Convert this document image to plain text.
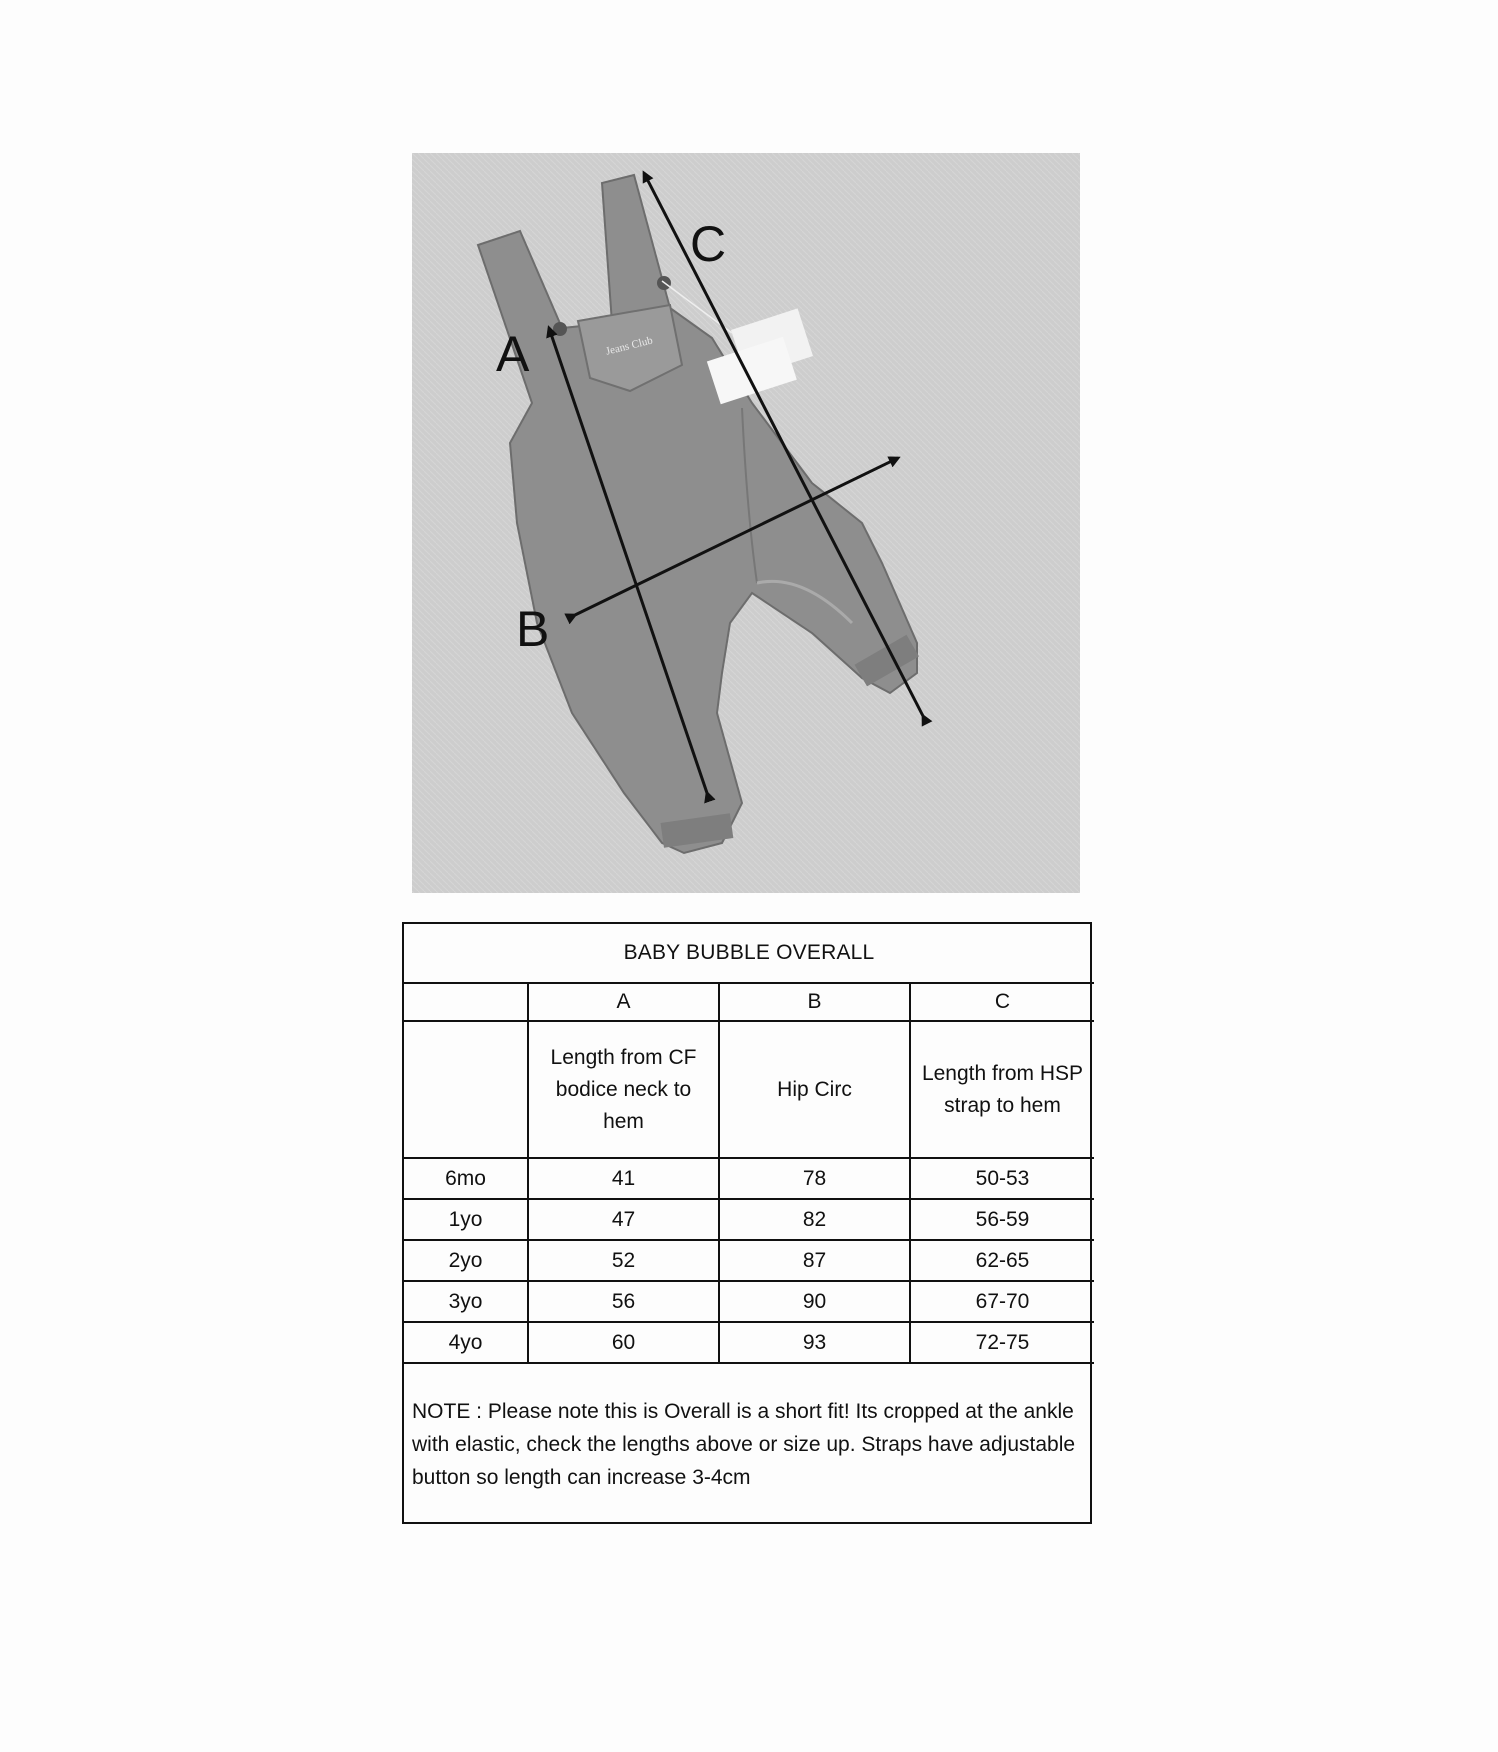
Jeans Club
A
B
C
BABY BUBBLE OVERALL			
	A	B	C
	Length from CF bodice neck to hem	Hip Circ	Length from HSP strap to hem
6mo	41	78	50-53
1yo	47	82	56-59
2yo	52	87	62-65
3yo	56	90	67-70
4yo	60	93	72-75
NOTE : Please note this is Overall is a short fit! Its cropped at the ankle with elastic, check the lengths above or size up. Straps have adjustable button so length can increase 3-4cm
